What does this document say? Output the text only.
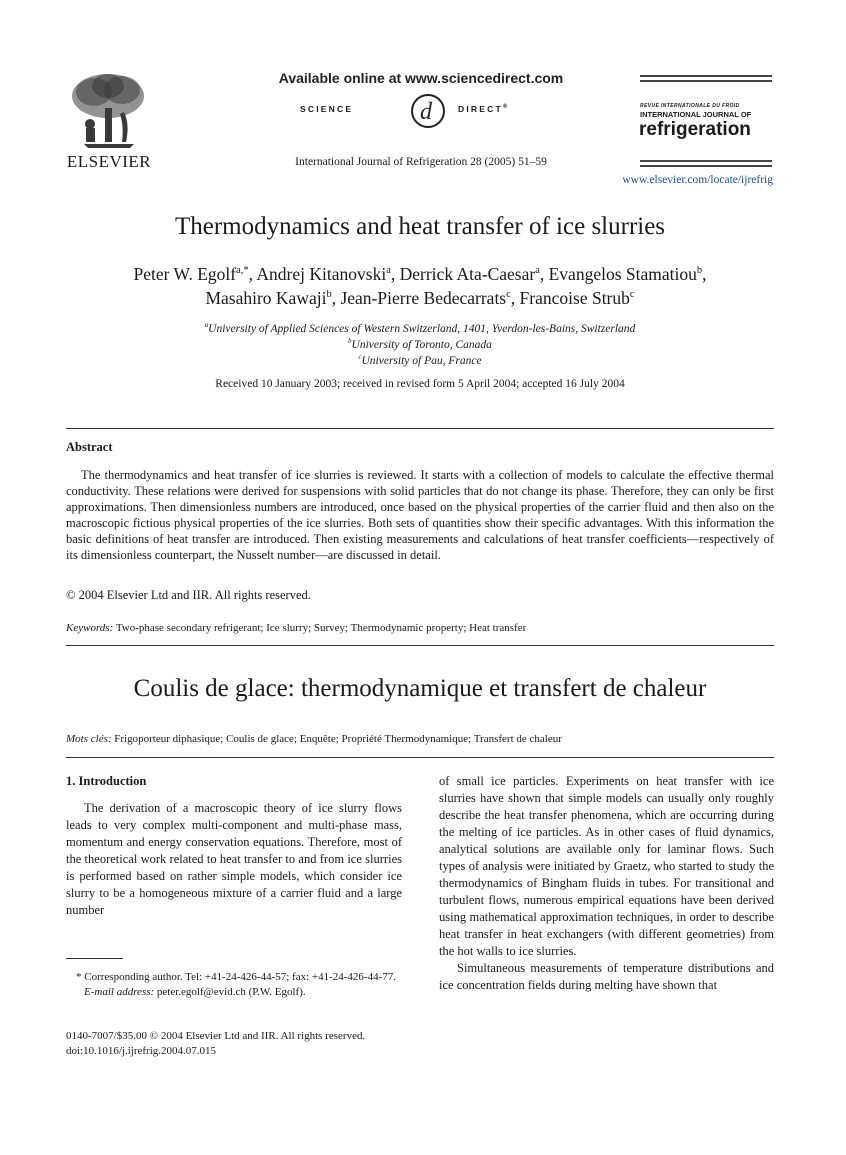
ELSEVIER
Available online at www.sciencedirect.com
SCIENCE	d	DIRECT®
International Journal of Refrigeration 28 (2005) 51–59
REVUE INTERNATIONALE DU FROID
INTERNATIONAL JOURNAL OF
refrigeration
www.elsevier.com/locate/ijrefrig
Thermodynamics and heat transfer of ice slurries
Peter W. Egolf$^{a,*}$, Andrej Kitanovski$^a$, Derrick Ata-Caesar$^a$, Evangelos Stamatiou$^b$,
Masahiro Kawaji$^b$, Jean-Pierre Bedecarrats$^c$, Francoise Strub$^c$
$^a$University of Applied Sciences of Western Switzerland, 1401, Yverdon-les-Bains, Switzerland
$^b$University of Toronto, Canada
$^c$University of Pau, France
Received 10 January 2003; received in revised form 5 April 2004; accepted 16 July 2004
Abstract
The thermodynamics and heat transfer of ice slurries is reviewed. It starts with a collection of models to calculate the effective thermal conductivity. These relations were derived for suspensions with solid particles that do not change its phase. Therefore, they can only be first approximations. Then dimensionless numbers are introduced, once based on the physical properties of the carrier fluid and then also on the macroscopic fictious physical properties of the ice slurries. Both sets of quantities show their specific advantages. With this information the basic definitions of heat transfer are introduced. Then existing measurements and calculations of heat transfer coefficients—respectively of its dimensionless counterpart, the Nusselt number—are discussed in detail.
© 2004 Elsevier Ltd and IIR. All rights reserved.
Keywords: Two-phase secondary refrigerant; Ice slurry; Survey; Thermodynamic property; Heat transfer
Coulis de glace: thermodynamique et transfert de chaleur
Mots clés: Frigoporteur diphasique; Coulis de glace; Enquête; Propriété Thermodynamique; Transfert de chaleur
1. Introduction

The derivation of a macroscopic theory of ice slurry flows leads to very complex multi-component and multi-phase mass, momentum and energy conservation equations. Therefore, most of the theoretical work related to heat transfer to and from ice slurries is performed based on rather simple models, which consider ice slurry to be a homogeneous mixture of a carrier fluid and a large number

* Corresponding author. Tel: +41-24-426-44-57; fax: +41-24-426-44-77.
E-mail address: peter.egolf@evid.ch (P.W. Egolf).
0140-7007/$35.00 © 2004 Elsevier Ltd and IIR. All rights reserved.
doi:10.1016/j.ijrefrig.2004.07.015

of small ice particles. Experiments on heat transfer with ice slurries have shown that simple models can usually only roughly describe the heat transfer phenomena, which are occurring during the melting of ice particles. As in other cases of fluid dynamics, analytical solutions are available only for laminar flows. Such types of analysis were initiated by Graetz, who started to study the thermodynamics of Bingham fluids in tubes. For transitional and turbulent flows, numerous empirical equations have been derived using mathematical approximation techniques, in order to describe heat transfer in heat exchangers (with different geometries) from the hot walls to ice slurries.

Simultaneous measurements of temperature distributions and ice concentration fields during melting have shown that
